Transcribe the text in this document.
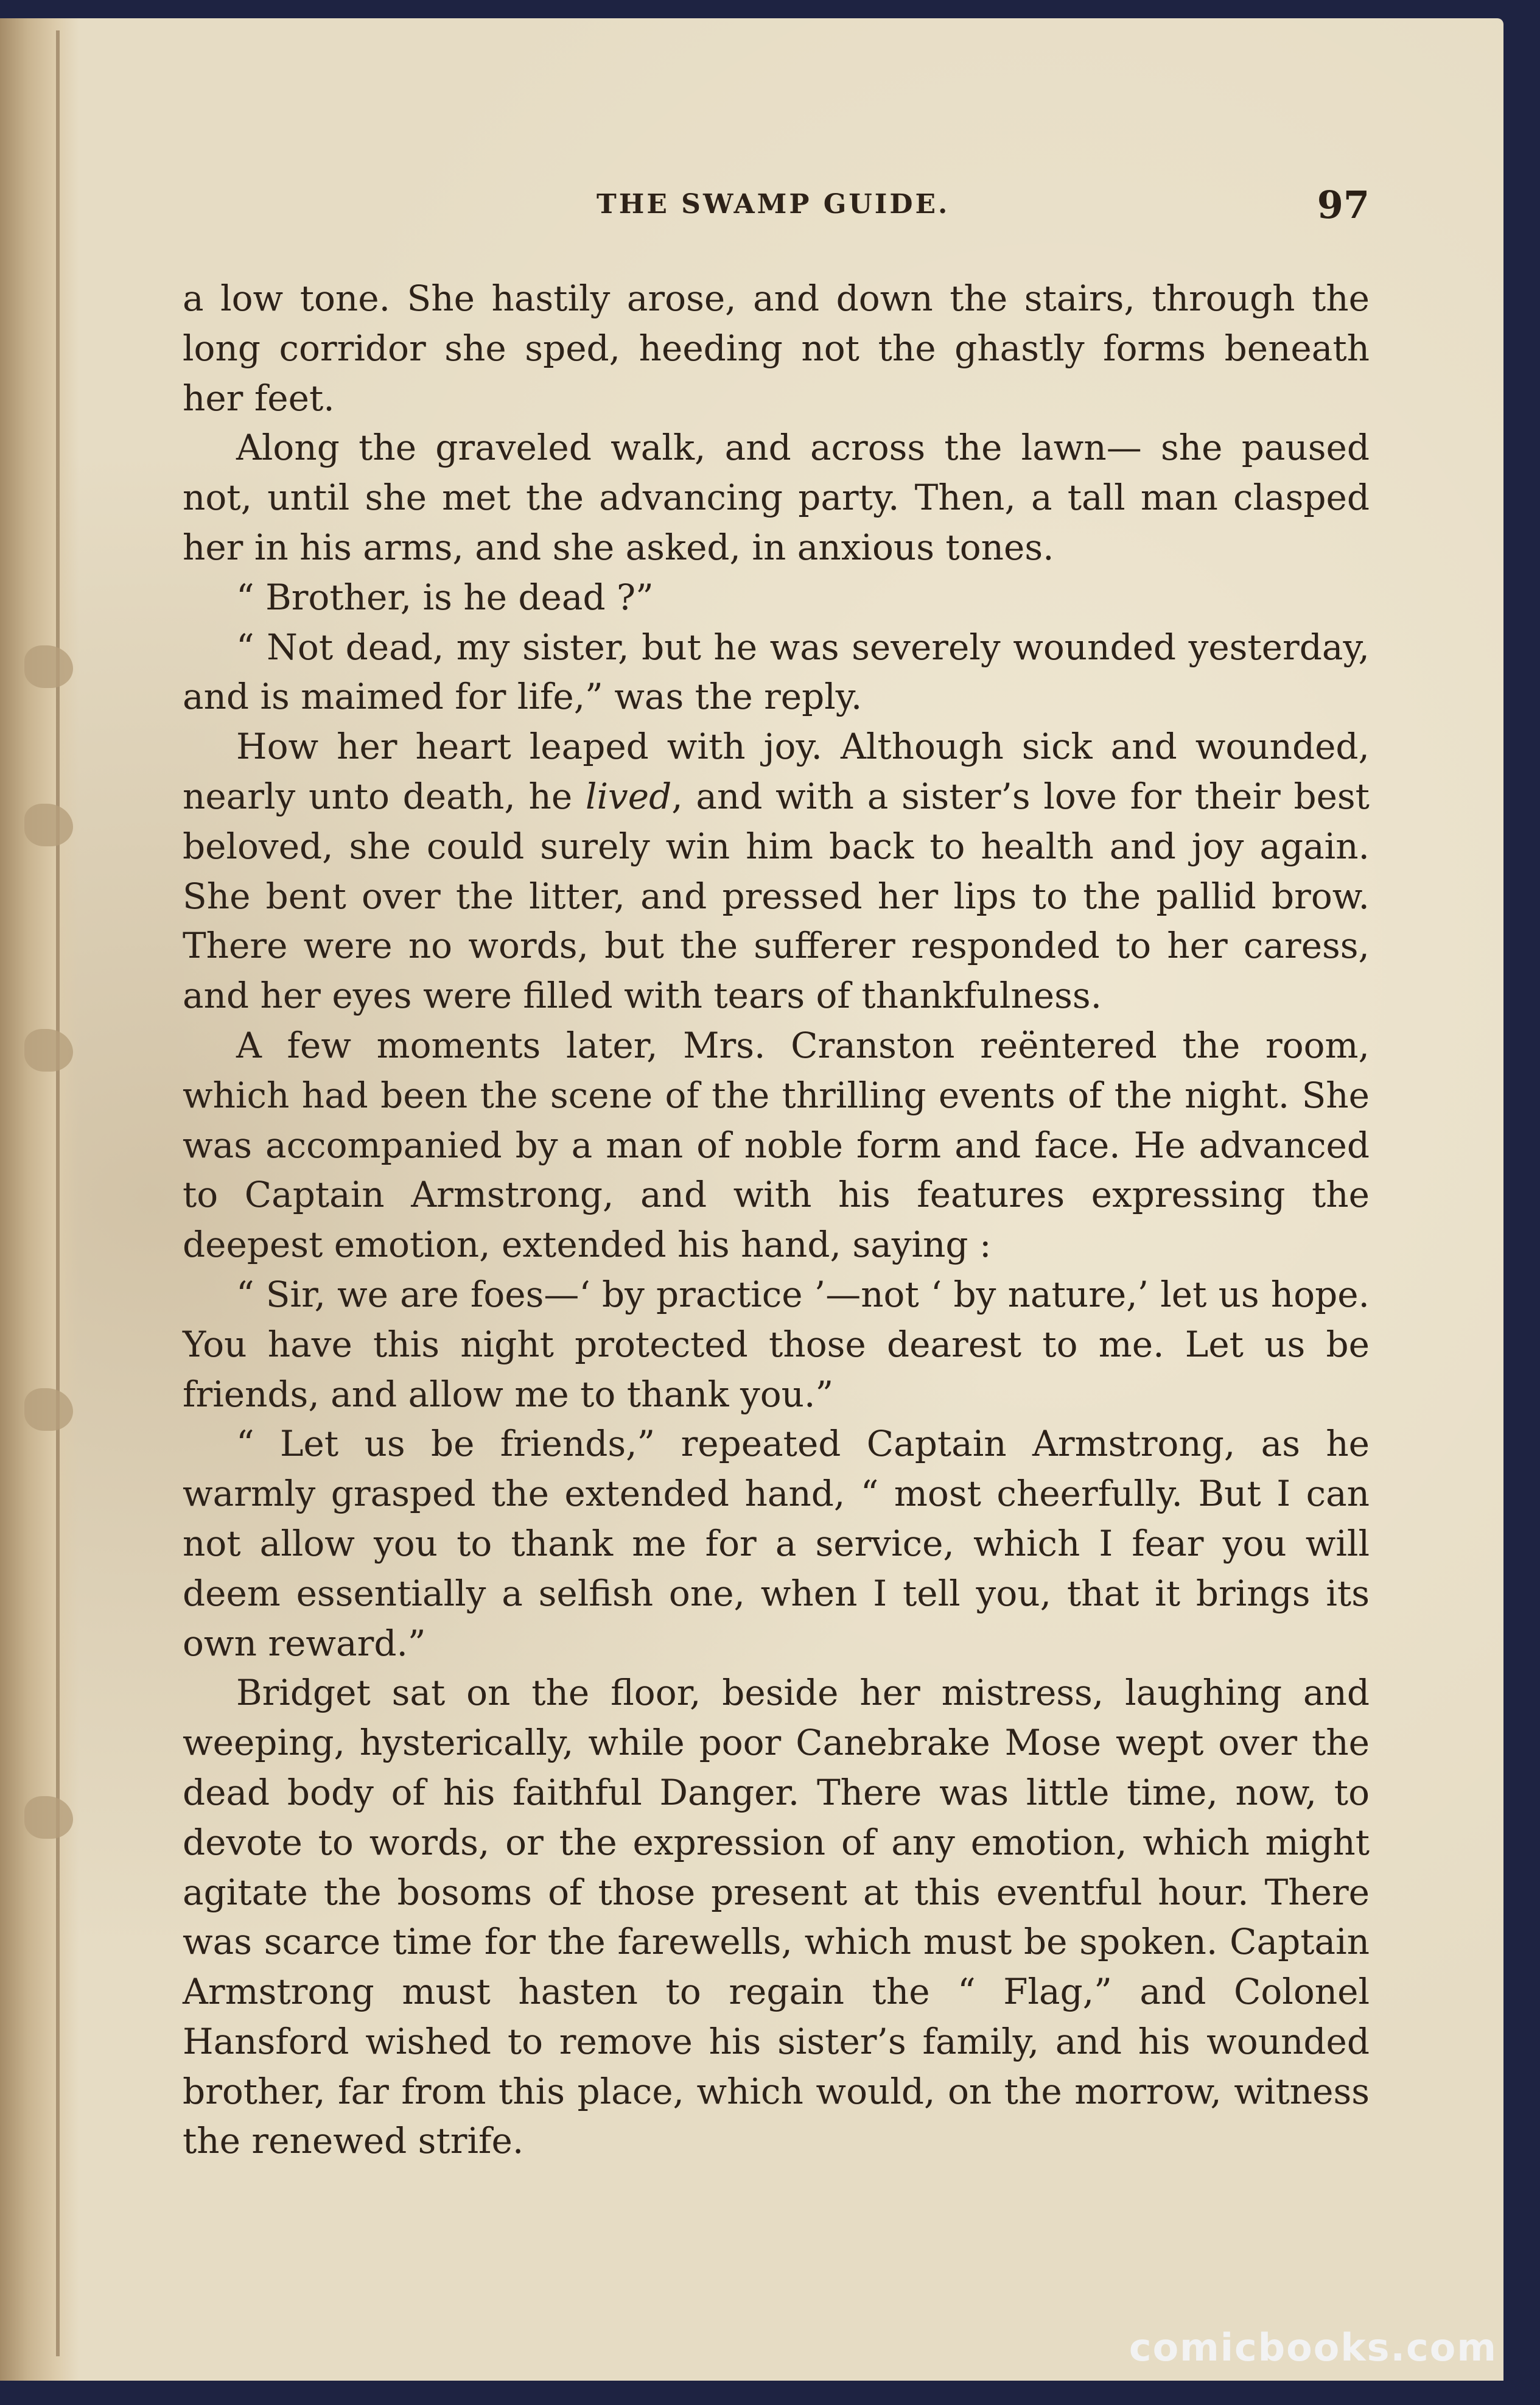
THE SWAMP GUIDE.	97

a low tone. She hastily arose, and down the stairs, through the long corridor she sped, heeding not the ghastly forms beneath her feet.

Along the graveled walk, and across the lawn— she paused not, until she met the advancing party. Then, a tall man clasped her in his arms, and she asked, in anxious tones.

“ Brother, is he dead ?”

“ Not dead, my sister, but he was severely wounded yesterday, and is maimed for life,” was the reply.

How her heart leaped with joy. Although sick and wounded, nearly unto death, he lived, and with a sister’s love for their best beloved, she could surely win him back to health and joy again. She bent over the litter, and pressed her lips to the pallid brow. There were no words, but the sufferer responded to her caress, and her eyes were filled with tears of thankfulness.

A few moments later, Mrs. Cranston reëntered the room, which had been the scene of the thrilling events of the night. She was accompanied by a man of noble form and face. He advanced to Captain Armstrong, and with his features expressing the deepest emotion, extended his hand, saying :

“ Sir, we are foes—‘ by practice ’—not ‘ by nature,’ let us hope. You have this night protected those dearest to me. Let us be friends, and allow me to thank you.”

“ Let us be friends,” repeated Captain Armstrong, as he warmly grasped the extended hand, “ most cheerfully. But I can not allow you to thank me for a service, which I fear you will deem essentially a selfish one, when I tell you, that it brings its own reward.”

Bridget sat on the floor, beside her mistress, laughing and weeping, hysterically, while poor Canebrake Mose wept over the dead body of his faithful Danger. There was little time, now, to devote to words, or the expression of any emotion, which might agitate the bosoms of those present at this eventful hour. There was scarce time for the farewells, which must be spoken. Captain Armstrong must hasten to regain the “ Flag,” and Colonel Hansford wished to remove his sister’s family, and his wounded brother, far from this place, which would, on the morrow, witness the renewed strife.

comicbooks.com
